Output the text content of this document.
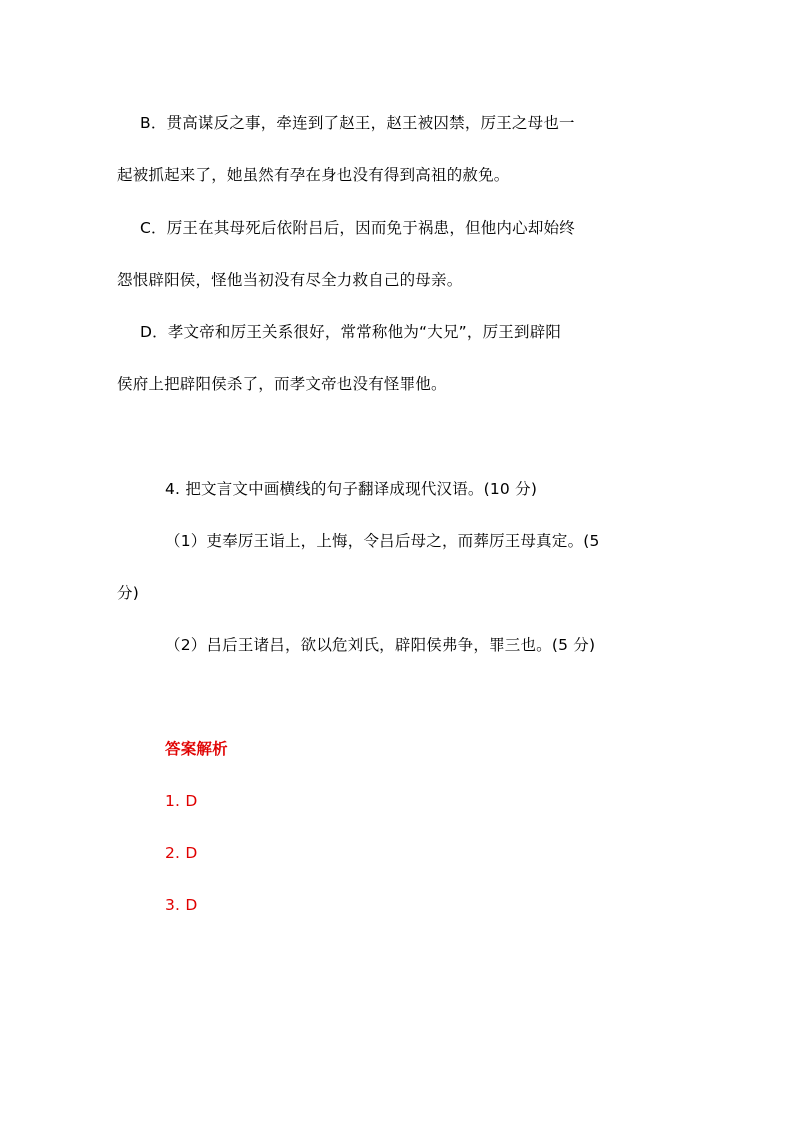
B．贯高谋反之事，牵连到了赵王，赵王被囚禁，厉王之母也一
起被抓起来了，她虽然有孕在身也没有得到高祖的赦免。
C．厉王在其母死后依附吕后，因而免于祸患，但他内心却始终
怨恨辟阳侯，怪他当初没有尽全力救自己的母亲。
D．孝文帝和厉王关系很好，常常称他为“大兄”，厉王到辟阳
侯府上把辟阳侯杀了，而孝文帝也没有怪罪他。
4. 把文言文中画横线的句子翻译成现代汉语。(10 分)
（1）吏奉厉王诣上，上悔，令吕后母之，而葬厉王母真定。(5
分)
（2）吕后王诸吕，欲以危刘氏，辟阳侯弗争，罪三也。(5 分)
答案解析
1. D
2. D
3. D
